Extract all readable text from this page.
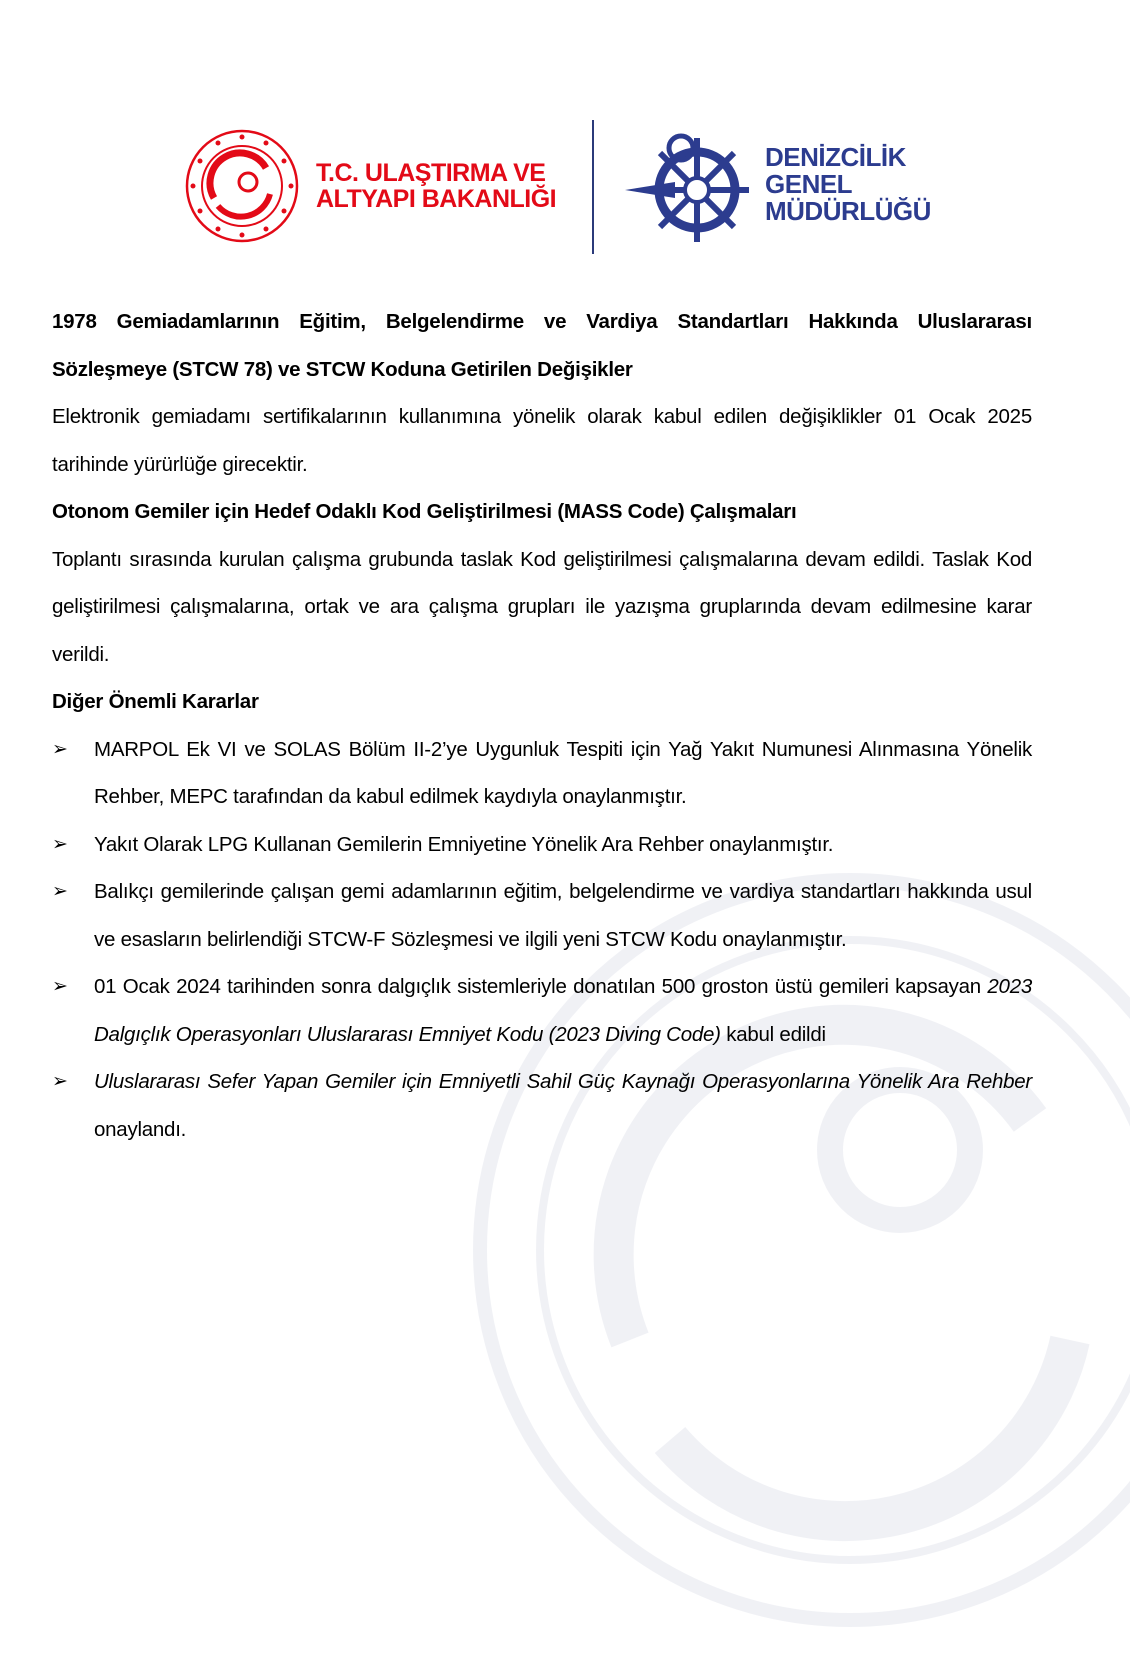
T.C. ULAŞTIRMA VE
ALTYAPI BAKANLIĞI
DENİZCİLİK
GENEL
MÜDÜRLÜĞÜ

1978 Gemiadamlarının Eğitim, Belgelendirme ve Vardiya Standartları Hakkında Uluslararası Sözleşmeye (STCW 78) ve STCW Koduna Getirilen Değişikler

Elektronik gemiadamı sertifikalarının kullanımına yönelik olarak kabul edilen değişiklikler 01 Ocak 2025 tarihinde yürürlüğe girecektir.

Otonom Gemiler için Hedef Odaklı Kod Geliştirilmesi (MASS Code) Çalışmaları

Toplantı sırasında kurulan çalışma grubunda taslak Kod geliştirilmesi çalışmalarına devam edildi. Taslak Kod geliştirilmesi çalışmalarına, ortak ve ara çalışma grupları ile yazışma gruplarında devam edilmesine karar verildi.

Diğer Önemli Kararlar

➢ MARPOL Ek VI ve SOLAS Bölüm II-2’ye Uygunluk Tespiti için Yağ Yakıt Numunesi Alınmasına Yönelik Rehber, MEPC tarafından da kabul edilmek kaydıyla onaylanmıştır.
➢ Yakıt Olarak LPG Kullanan Gemilerin Emniyetine Yönelik Ara Rehber onaylanmıştır.
➢ Balıkçı gemilerinde çalışan gemi adamlarının eğitim, belgelendirme ve vardiya standartları hakkında usul ve esasların belirlendiği STCW-F Sözleşmesi ve ilgili yeni STCW Kodu onaylanmıştır.
➢ 01 Ocak 2024 tarihinden sonra dalgıçlık sistemleriyle donatılan 500 groston üstü gemileri kapsayan 2023 Dalgıçlık Operasyonları Uluslararası Emniyet Kodu (2023 Diving Code) kabul edildi
➢ Uluslararası Sefer Yapan Gemiler için Emniyetli Sahil Güç Kaynağı Operasyonlarına Yönelik Ara Rehber onaylandı.
